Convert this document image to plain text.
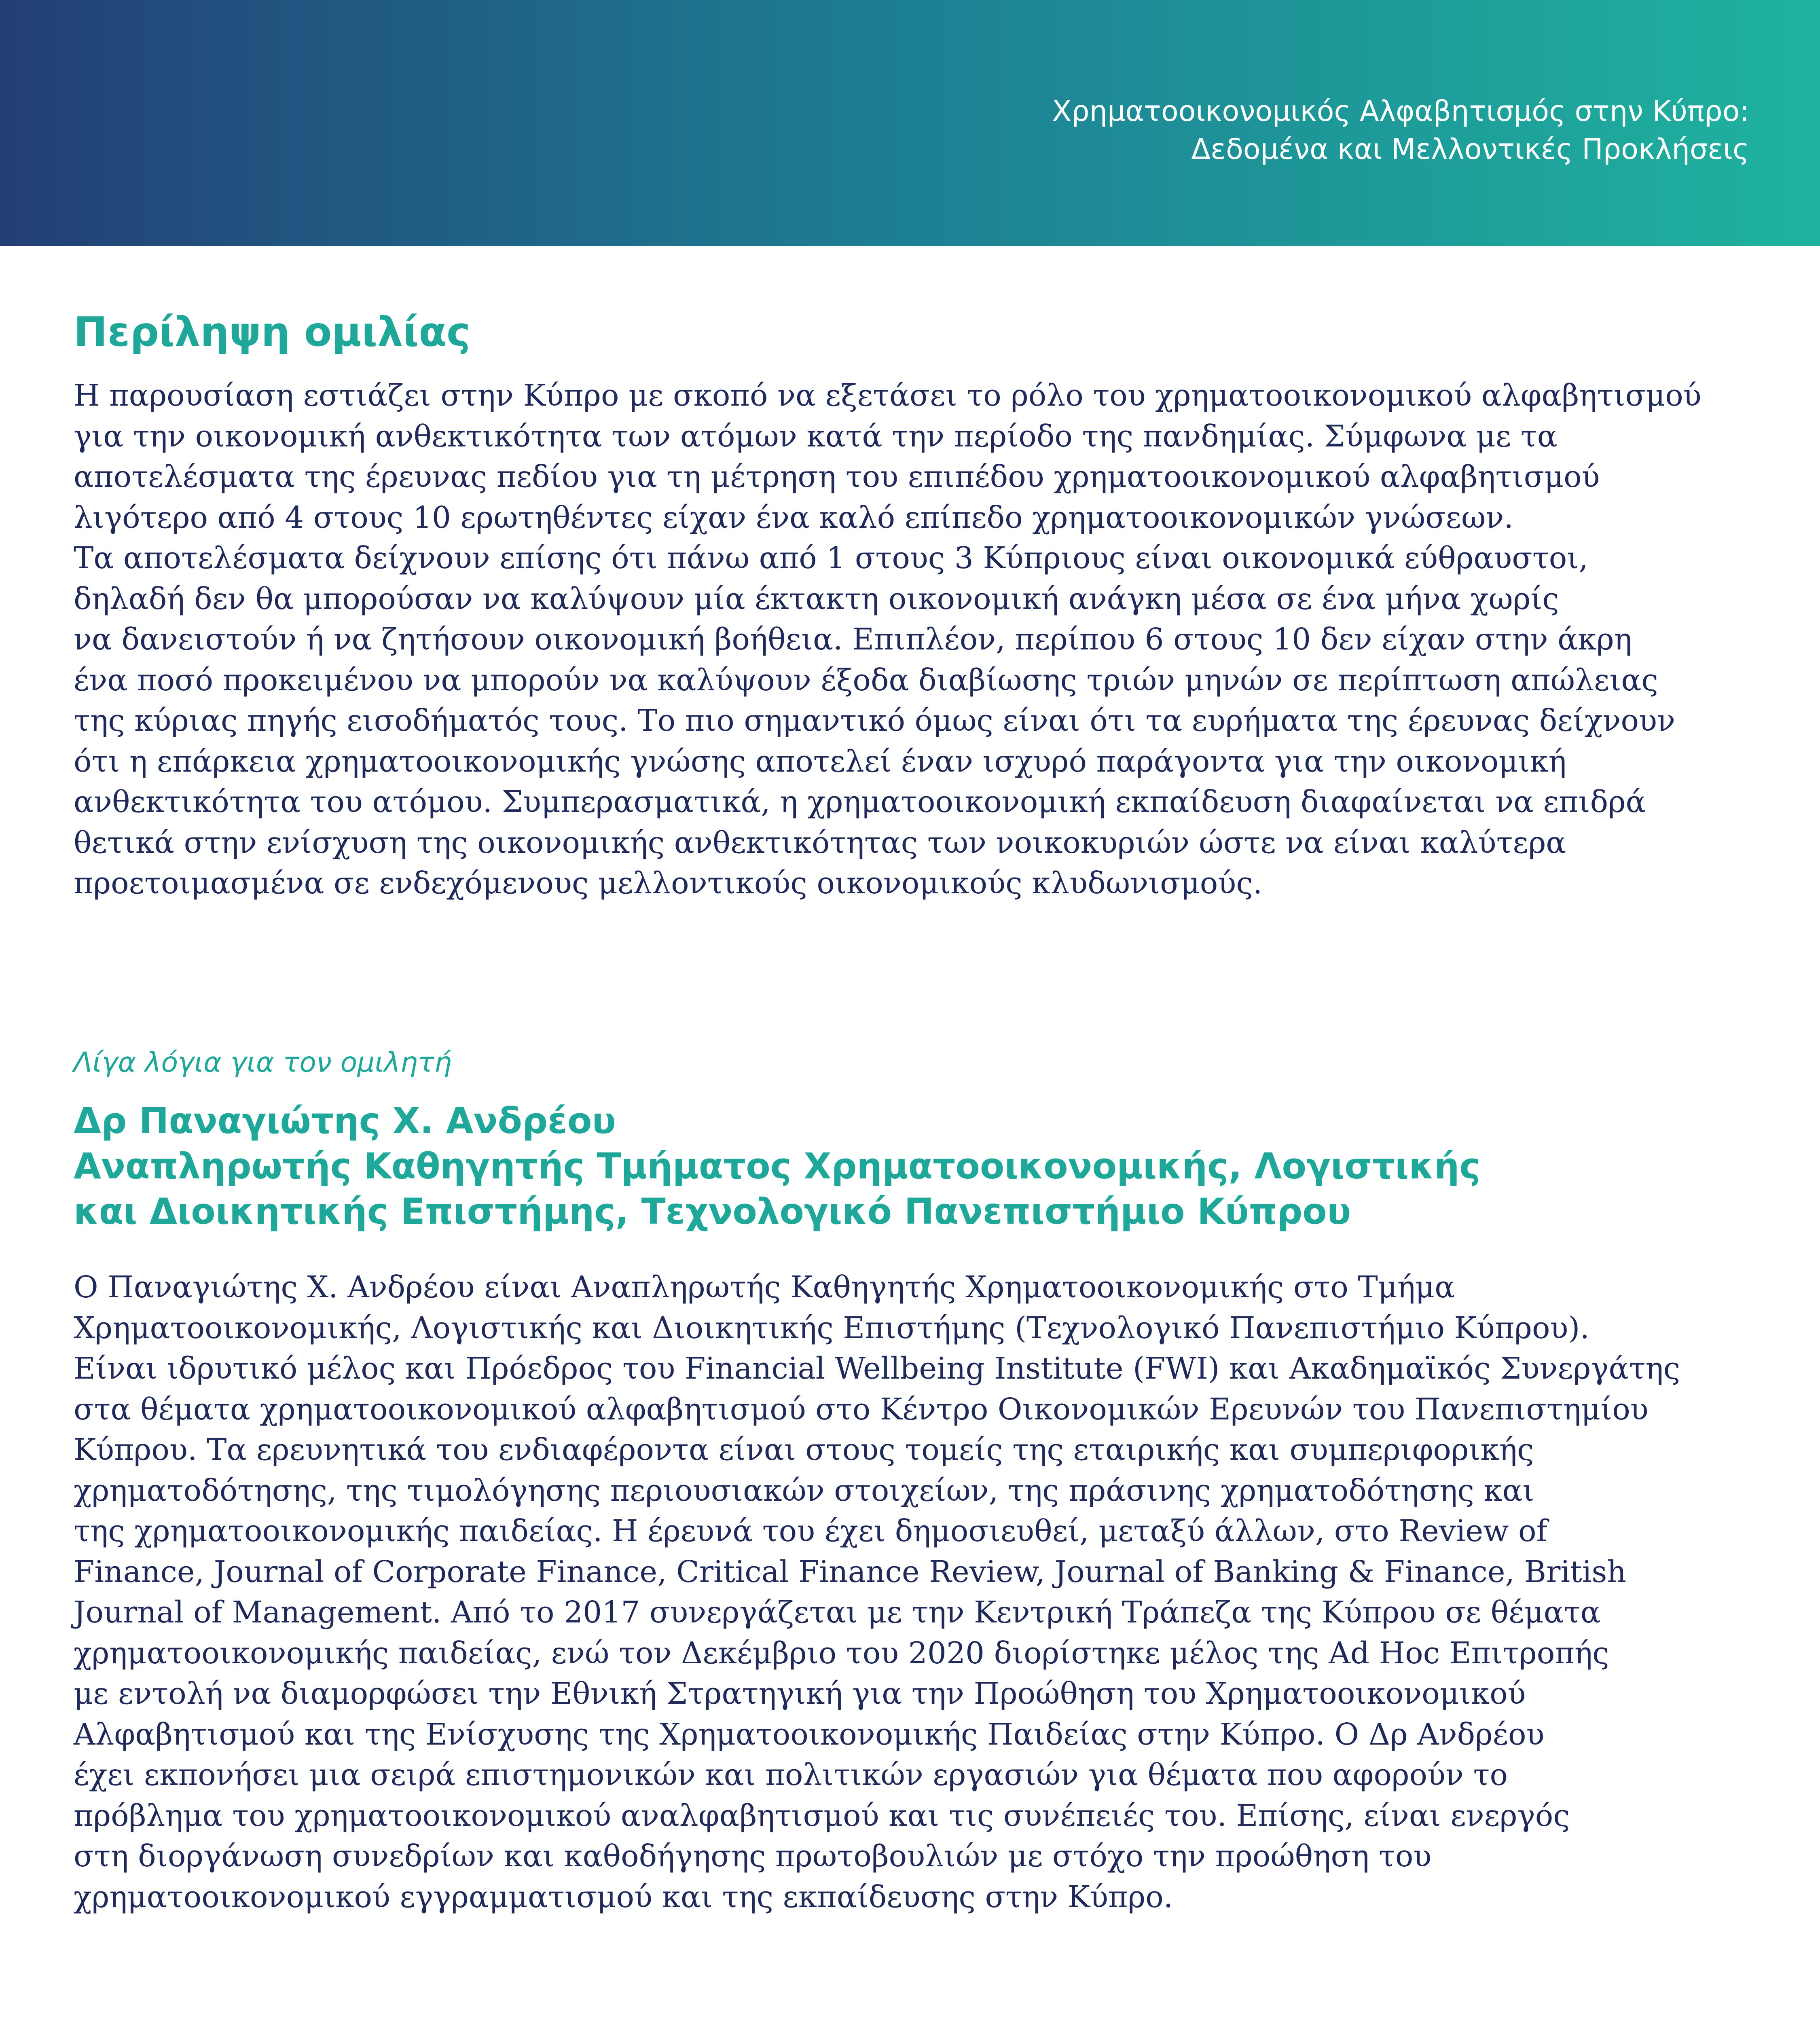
Χρηματοοικονομικός Αλφαβητισμός στην Κύπρο:
Δεδομένα και Μελλοντικές Προκλήσεις
Περίληψη ομιλίας
Η παρουσίαση εστιάζει στην Κύπρο με σκοπό να εξετάσει το ρόλο του χρηματοοικονομικού αλφαβητισμού
για την οικονομική ανθεκτικότητα των ατόμων κατά την περίοδο της πανδημίας. Σύμφωνα με τα
αποτελέσματα της έρευνας πεδίου για τη μέτρηση του επιπέδου χρηματοοικονομικού αλφαβητισμού
λιγότερο από 4 στους 10 ερωτηθέντες είχαν ένα καλό επίπεδο χρηματοοικονομικών γνώσεων.
Τα αποτελέσματα δείχνουν επίσης ότι πάνω από 1 στους 3 Κύπριους είναι οικονομικά εύθραυστοι,
δηλαδή δεν θα μπορούσαν να καλύψουν μία έκτακτη οικονομική ανάγκη μέσα σε ένα μήνα χωρίς
να δανειστούν ή να ζητήσουν οικονομική βοήθεια. Επιπλέον, περίπου 6 στους 10 δεν είχαν στην άκρη
ένα ποσό προκειμένου να μπορούν να καλύψουν έξοδα διαβίωσης τριών μηνών σε περίπτωση απώλειας
της κύριας πηγής εισοδήματός τους. Το πιο σημαντικό όμως είναι ότι τα ευρήματα της έρευνας δείχνουν
ότι η επάρκεια χρηματοοικονομικής γνώσης αποτελεί έναν ισχυρό παράγοντα για την οικονομική
ανθεκτικότητα του ατόμου. Συμπερασματικά, η χρηματοοικονομική εκπαίδευση διαφαίνεται να επιδρά
θετικά στην ενίσχυση της οικονομικής ανθεκτικότητας των νοικοκυριών ώστε να είναι καλύτερα
προετοιμασμένα σε ενδεχόμενους μελλοντικούς οικονομικούς κλυδωνισμούς.

Λίγα λόγια για τον ομιλητή

Δρ Παναγιώτης Χ. Ανδρέου
Αναπληρωτής Καθηγητής Τμήματος Χρηματοοικονομικής, Λογιστικής
και Διοικητικής Επιστήμης, Τεχνολογικό Πανεπιστήμιο Κύπρου
Ο Παναγιώτης Χ. Ανδρέου είναι Αναπληρωτής Καθηγητής Χρηματοοικονομικής στο Τμήμα
Χρηματοοικονομικής, Λογιστικής και Διοικητικής Επιστήμης (Τεχνολογικό Πανεπιστήμιο Κύπρου).
Είναι ιδρυτικό μέλος και Πρόεδρος του Financial Wellbeing Institute (FWI) και Ακαδημαϊκός Συνεργάτης
στα θέματα χρηματοοικονομικού αλφαβητισμού στο Κέντρο Οικονομικών Ερευνών του Πανεπιστημίου
Κύπρου. Τα ερευνητικά του ενδιαφέροντα είναι στους τομείς της εταιρικής και συμπεριφορικής
χρηματοδότησης, της τιμολόγησης περιουσιακών στοιχείων, της πράσινης χρηματοδότησης και
της χρηματοοικονομικής παιδείας. Η έρευνά του έχει δημοσιευθεί, μεταξύ άλλων, στο Review of
Finance, Journal of Corporate Finance, Critical Finance Review, Journal of Banking & Finance, British
Journal of Management. Από το 2017 συνεργάζεται με την Κεντρική Τράπεζα της Κύπρου σε θέματα
χρηματοοικονομικής παιδείας, ενώ τον Δεκέμβριο του 2020 διορίστηκε μέλος της Ad Hoc Επιτροπής
με εντολή να διαμορφώσει την Εθνική Στρατηγική για την Προώθηση του Χρηματοοικονομικού
Αλφαβητισμού και της Ενίσχυσης της Χρηματοοικονομικής Παιδείας στην Κύπρο. Ο Δρ Ανδρέου
έχει εκπονήσει μια σειρά επιστημονικών και πολιτικών εργασιών για θέματα που αφορούν το
πρόβλημα του χρηματοοικονομικού αναλφαβητισμού και τις συνέπειές του. Επίσης, είναι ενεργός
στη διοργάνωση συνεδρίων και καθοδήγησης πρωτοβουλιών με στόχο την προώθηση του
χρηματοοικονομικού εγγραμματισμού και της εκπαίδευσης στην Κύπρο.
